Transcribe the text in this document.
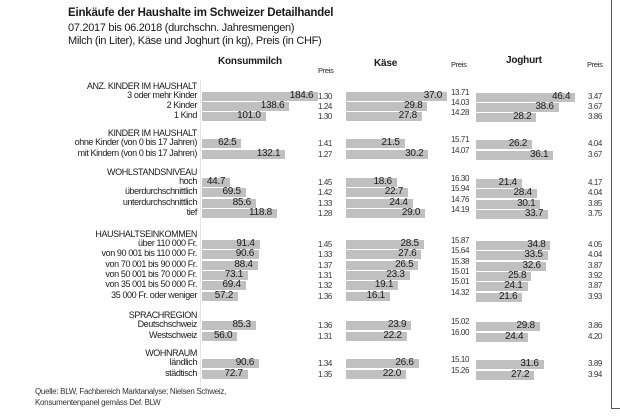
Einkäufe der Haushalte im Schweizer Detailhandel
07.2017 bis 06.2018 (durchschn. Jahresmengen)
Milch (in Liter), Käse und Joghurt (in kg), Preis (in CHF)
Konsummilch
Preis
Käse	Preis	Joghurt	Preis
ANZ. KINDER IM HAUSHALT
3 oder mehr Kinder	184.6 1.30	37.0 13.71	46.4 3.47
2 Kinder	138.6	1.24	29.8	14.03	38.6	3.67
1 Kind	101.0	1.30	27.8	14.28	28.2	3.86
KINDER IM HAUSHALT
ohne Kinder (von 0 bis 17 Jahren)	62.5	1.41	21.5	15.71	26.2	4.04
mit Kindern (von 0 bis 17 Jahren)	132.1	1.27	30.2	14.07	36.1	3.67
WOHLSTANDSNIVEAU
hoch 44.7	1.45	18.6	16.30	21.4	4.17
überdurchschnittlich	69.5	1.42	22.7	15.94	28.4	4.04
unterdurchschnittlich	85.6	1.33	24.4	14.76	30.1	3.85
tief	118.8	1.28	29.0	14.19	33.7	3.75
HAUSHALTSEINKOMMEN
über 110 000 Fr.	91.4	1.45	28.5	15.87	34.8	4.05
von 90 001 bis 110 000 Fr.	90.6	1.33	27.6	15.64	33.5	4.04
von 70 001 bis 90 000 Fr.	88.4	1.37	26.5	15.38	32.6	3.87
von 50 001 bis 70 000 Fr.	73.1	1.31	23.3	15.01	25.8	3.92
von 35 001 bis 50 000 Fr.	69.4	1.32	19.1	15.01	24.1	3.87
35 000 Fr. oder weniger	57.2	1.36	16.1	14.32	21.6	3.93
SPRACHREGION
Deutschschweiz	85.3	1.36	23.9	15.02	29.8	3.86
Westschweiz	56.0	1.31	22.2	16.00	24.4	4.20
WOHNRAUM
ländlich	90.6	1.34	26.6	15.10	31.6	3.89
städtisch	72.7	1.35	22.0	15.26	27.2	3.94
Quelle: BLW, Fachbereich Marktanalyse; Nielsen Schweiz,
Konsumentenpanel gemäss Def. BLW
